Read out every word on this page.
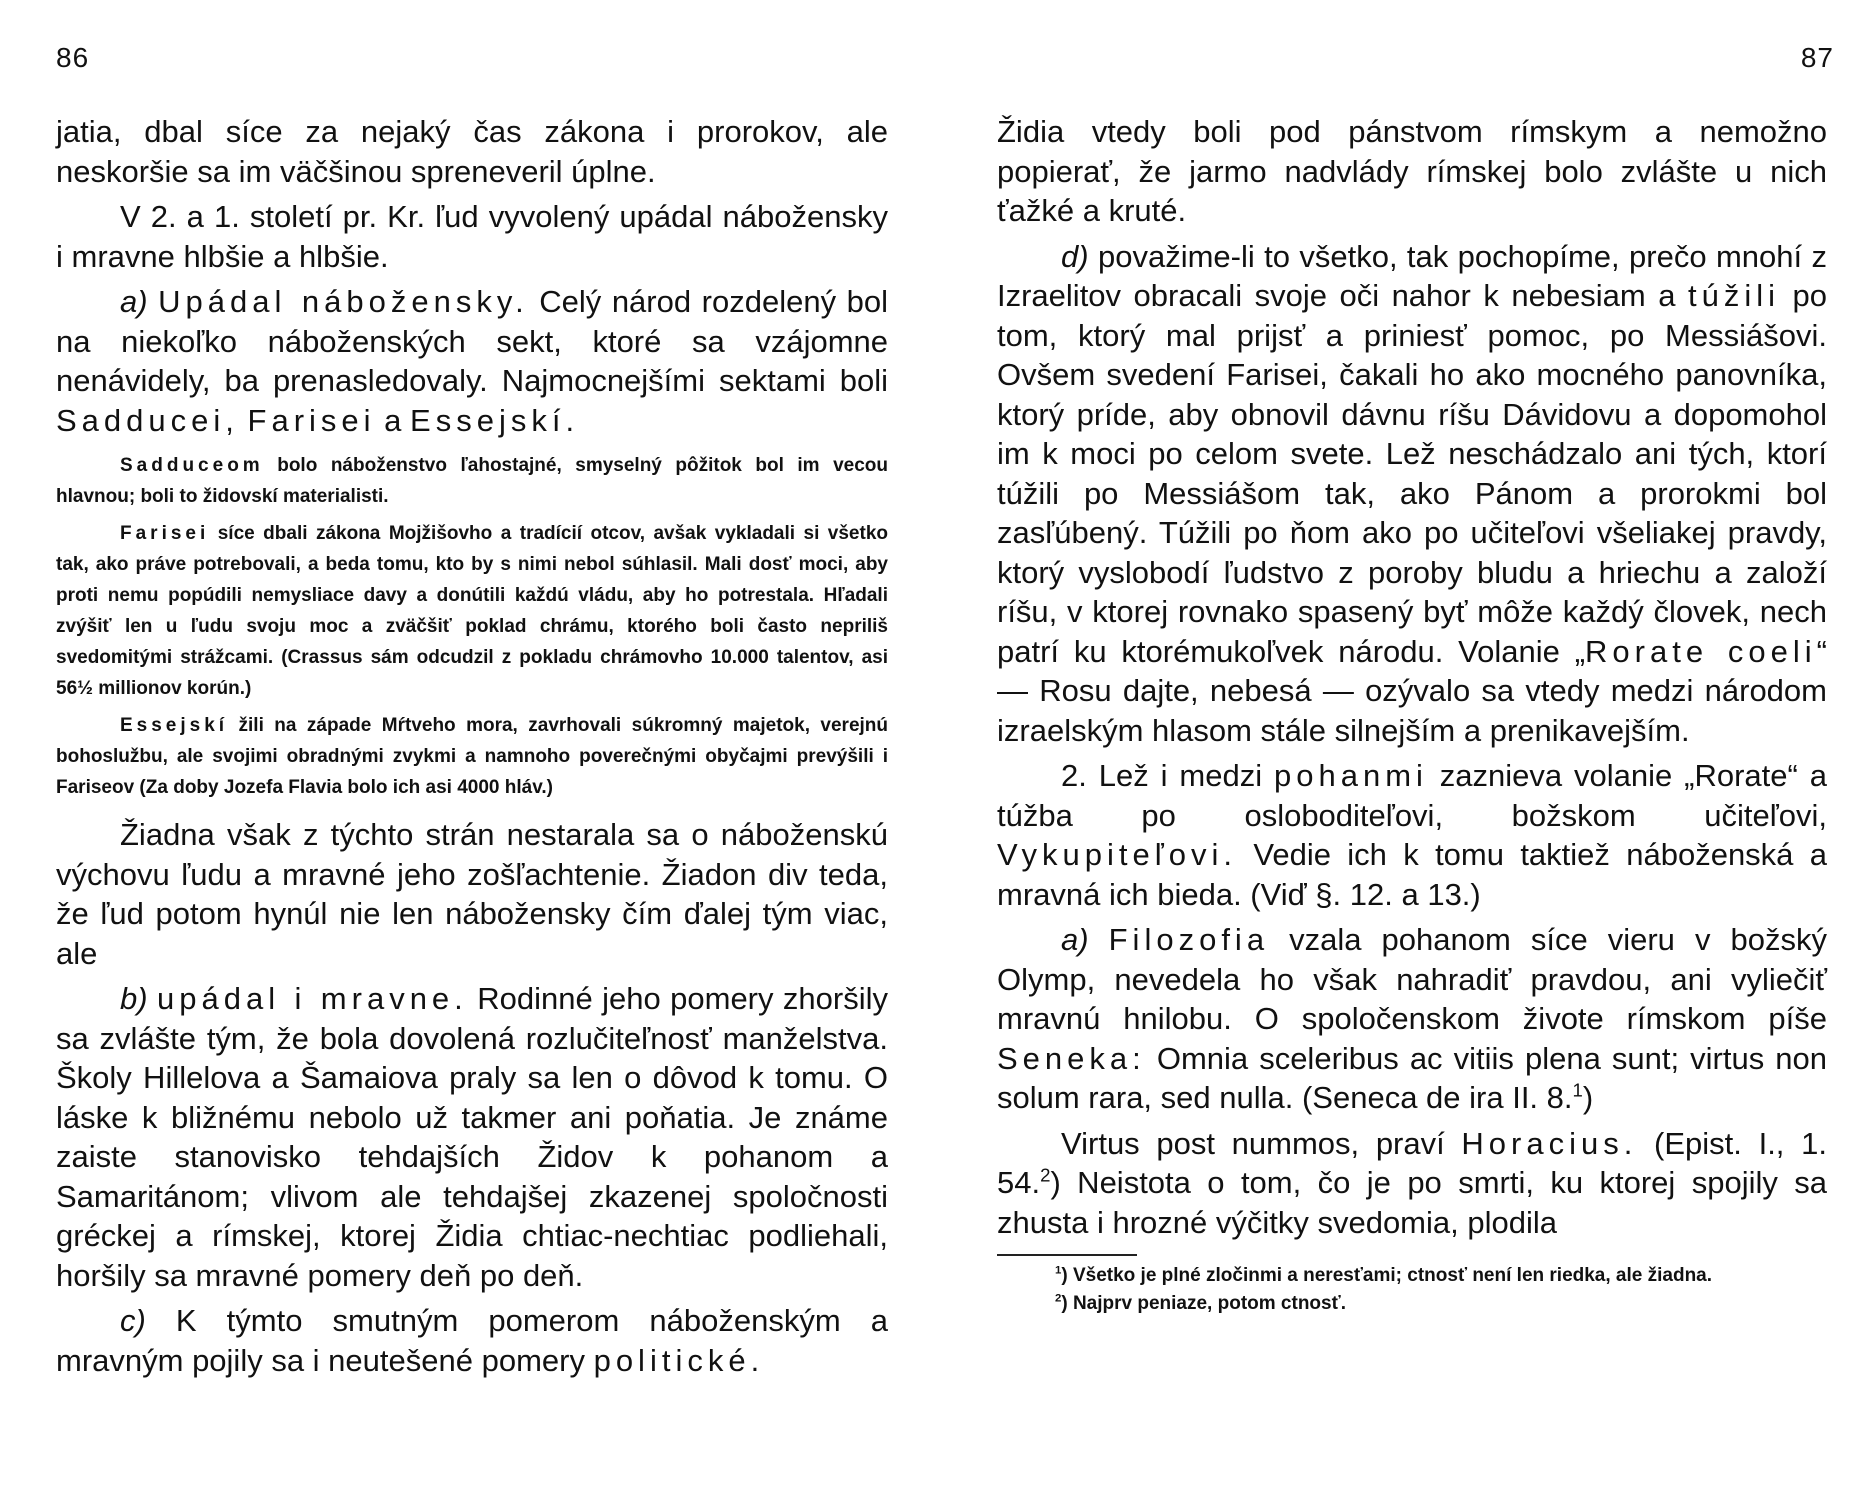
86

jatia, dbal síce za nejaký čas zákona i prorokov, ale neskoršie sa im väčšinou spreneveril úplne.

V 2. a 1. století pr. Kr. ľud vyvolený upádal nábožensky i mravne hlbšie a hlbšie.

a) Upádal nábožensky. Celý národ rozdelený bol na niekoľko náboženských sekt, ktoré sa vzájomne nenávidely, ba prenasledovaly. Najmocnejšími sektami boli Sadducei, Farisei a Essejskí.

Sadduceom bolo náboženstvo ľahostajné, smyselný pôžitok bol im vecou hlavnou; boli to židovskí materialisti.

Farisei síce dbali zákona Mojžišovho a tradícií otcov, avšak vykladali si všetko tak, ako práve potrebovali, a beda tomu, kto by s nimi nebol súhlasil. Mali dosť moci, aby proti nemu popúdili nemysliace davy a donútili každú vládu, aby ho potrestala. Hľadali zvýšiť len u ľudu svoju moc a zväčšiť poklad chrámu, ktorého boli často nepriliš svedomitými strážcami. (Crassus sám odcudzil z pokladu chrámovho 10.000 talentov, asi 56½ millionov korún.)

Essejskí žili na západe Mŕtveho mora, zavrhovali súkromný majetok, verejnú bohoslužbu, ale svojimi obradnými zvykmi a namnoho poverečnými obyčajmi prevýšili i Fariseov (Za doby Jozefa Flavia bolo ich asi 4000 hláv.)

Žiadna však z týchto strán nestarala sa o náboženskú výchovu ľudu a mravné jeho zošľachtenie. Žiadon div teda, že ľud potom hynúl nie len nábožensky čím ďalej tým viac, ale

b) upádal i mravne. Rodinné jeho pomery zhoršily sa zvlášte tým, že bola dovolená rozlučiteľnosť manželstva. Školy Hillelova a Šamaiova praly sa len o dôvod k tomu. O láske k bližnému nebolo už takmer ani poňatia. Je známe zaiste stanovisko tehdajších Židov k pohanom a Samaritánom; vlivom ale tehdajšej zkazenej spoločnosti gréckej a rímskej, ktorej Židia chtiac-nechtiac podliehali, horšily sa mravné pomery deň po deň.

c) K týmto smutným pomerom náboženským a mravným pojily sa i neutešené pomery politické.

87

Židia vtedy boli pod pánstvom rímskym a nemožno popierať, že jarmo nadvlády rímskej bolo zvlášte u nich ťažké a kruté.

d) považime-li to všetko, tak pochopíme, prečo mnohí z Izraelitov obracali svoje oči nahor k nebesiam a túžili po tom, ktorý mal prijsť a priniesť pomoc, po Messiášovi. Ovšem svedení Farisei, čakali ho ako mocného panovníka, ktorý príde, aby obnovil dávnu ríšu Dávidovu a dopomohol im k moci po celom svete. Lež neschádzalo ani tých, ktorí túžili po Messiášom tak, ako Pánom a prorokmi bol zasľúbený. Túžili po ňom ako po učiteľovi všeliakej pravdy, ktorý vyslobodí ľudstvo z poroby bludu a hriechu a založí ríšu, v ktorej rovnako spasený byť môže každý človek, nech patrí ku ktorémukoľvek národu. Volanie „Rorate coeli“ — Rosu dajte, nebesá — ozývalo sa vtedy medzi národom izraelským hlasom stále silnejším a prenikavejším.

2. Lež i medzi pohanmi zaznieva volanie „Rorate“ a túžba po osloboditeľovi, božskom učiteľovi, Vykupiteľovi. Vedie ich k tomu taktiež náboženská a mravná ich bieda. (Viď §. 12. a 13.)

a) Filozofia vzala pohanom síce vieru v božský Olymp, nevedela ho však nahradiť pravdou, ani vyliečiť mravnú hnilobu. O spoločenskom živote rímskom píše Seneka: Omnia sceleribus ac vitiis plena sunt; virtus non solum rara, sed nulla. (Seneca de ira II. 8.$^1$)

Virtus post nummos, praví Horacius. (Epist. I., 1. 54.$^2$) Neistota o tom, čo je po smrti, ku ktorej spojily sa zhusta i hrozné výčitky svedomia, plodila

$^1$) Všetko je plné zločinmi a neresťami; ctnosť není len riedka, ale žiadna.

$^2$) Najprv peniaze, potom ctnosť.
